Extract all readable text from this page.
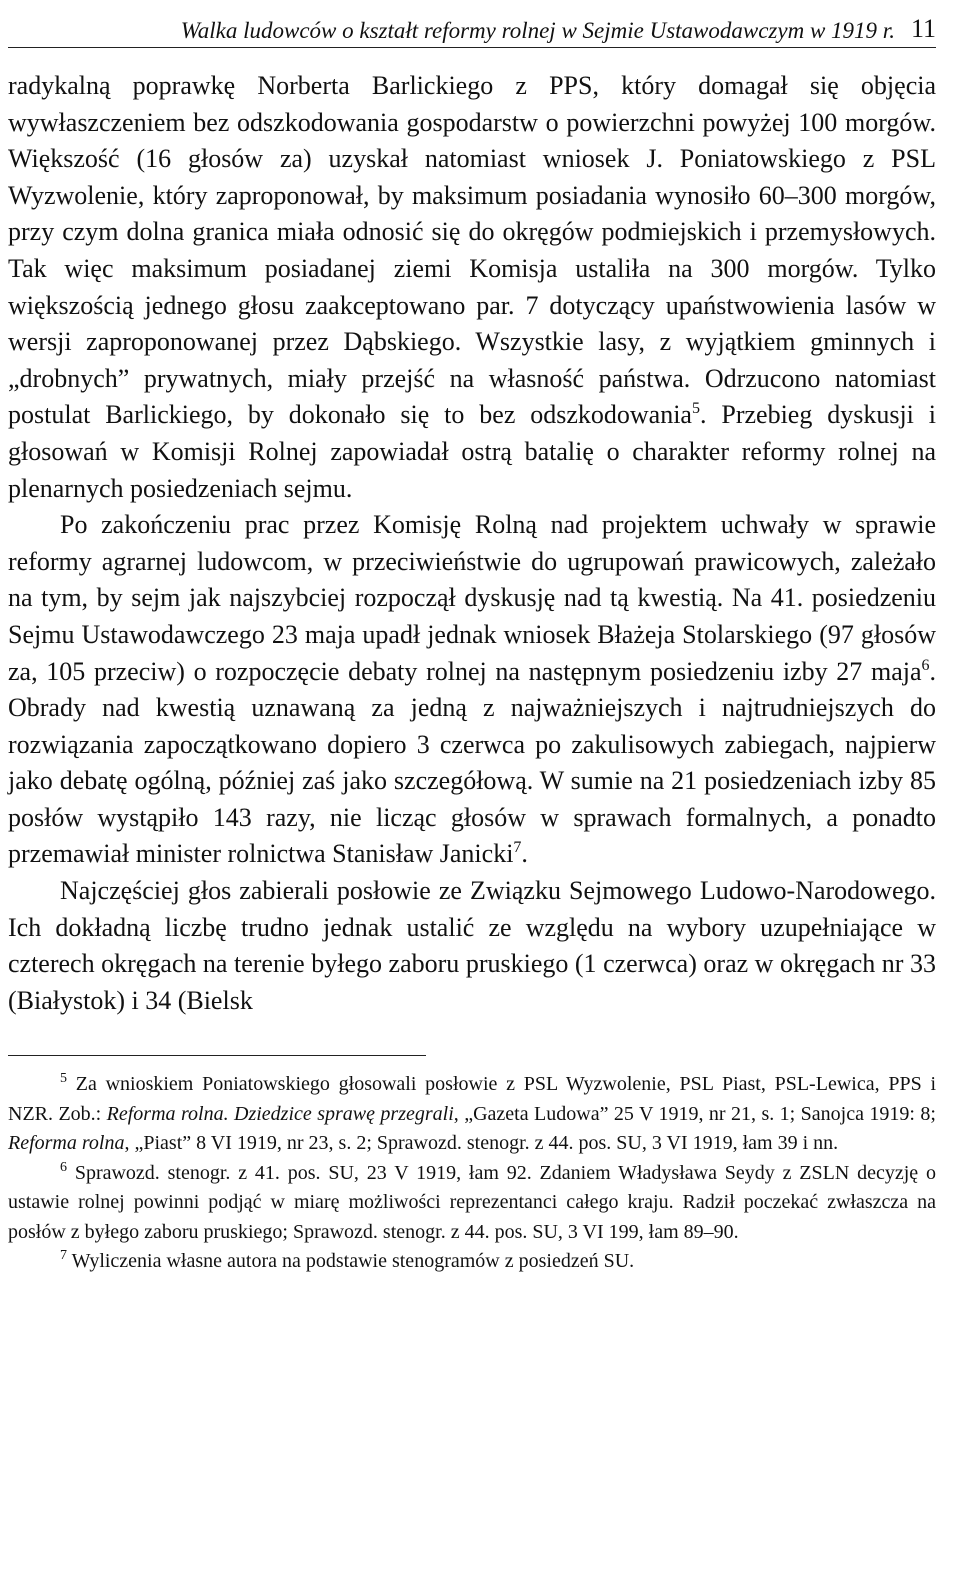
Walka ludowców o kształt reformy rolnej w Sejmie Ustawodawczym w 1919 r. 11

radykalną poprawkę Norberta Barlickiego z PPS, który domagał się objęcia wywłaszczeniem bez odszkodowania gospodarstw o powierzchni powyżej 100 morgów. Większość (16 głosów za) uzyskał natomiast wniosek J. Poniatowskiego z PSL Wyzwolenie, który zaproponował, by maksimum posiadania wynosiło 60–300 morgów, przy czym dolna granica miała odnosić się do okręgów podmiejskich i przemysłowych. Tak więc maksimum posiadanej ziemi Komisja ustaliła na 300 morgów. Tylko większością jednego głosu zaakceptowano par. 7 dotyczący upaństwowienia lasów w wersji zaproponowanej przez Dąbskiego. Wszystkie lasy, z wyjątkiem gminnych i „drobnych” prywatnych, miały przejść na własność państwa. Odrzucono natomiast postulat Barlickiego, by dokonało się to bez odszkodowania$^5$. Przebieg dyskusji i głosowań w Komisji Rolnej zapowiadał ostrą batalię o charakter reformy rolnej na plenarnych posiedzeniach sejmu.

Po zakończeniu prac przez Komisję Rolną nad projektem uchwały w sprawie reformy agrarnej ludowcom, w przeciwieństwie do ugrupowań prawicowych, zależało na tym, by sejm jak najszybciej rozpoczął dyskusję nad tą kwestią. Na 41. posiedzeniu Sejmu Ustawodawczego 23 maja upadł jednak wniosek Błażeja Stolarskiego (97 głosów za, 105 przeciw) o rozpoczęcie debaty rolnej na następnym posiedzeniu izby 27 maja$^6$. Obrady nad kwestią uznawaną za jedną z najważniejszych i najtrudniejszych do rozwiązania zapoczątkowano dopiero 3 czerwca po zakulisowych zabiegach, najpierw jako debatę ogólną, później zaś jako szczegółową. W sumie na 21 posiedzeniach izby 85 posłów wystąpiło 143 razy, nie licząc głosów w sprawach formalnych, a ponadto przemawiał minister rolnictwa Stanisław Janicki$^7$.

Najczęściej głos zabierali posłowie ze Związku Sejmowego Ludowo-Narodowego. Ich dokładną liczbę trudno jednak ustalić ze względu na wybory uzupełniające w czterech okręgach na terenie byłego zaboru pruskiego (1 czerwca) oraz w okręgach nr 33 (Białystok) i 34 (Bielsk

$^5$ Za wnioskiem Poniatowskiego głosowali posłowie z PSL Wyzwolenie, PSL Piast, PSL-Lewica, PPS i NZR. Zob.: Reforma rolna. Dziedzice sprawę przegrali, „Gazeta Ludowa” 25 V 1919, nr 21, s. 1; Sanojca 1919: 8; Reforma rolna, „Piast” 8 VI 1919, nr 23, s. 2; Sprawozd. stenogr. z 44. pos. SU, 3 VI 1919, łam 39 i nn.

$^6$ Sprawozd. stenogr. z 41. pos. SU, 23 V 1919, łam 92. Zdaniem Władysława Seydy z ZSLN decyzję o ustawie rolnej powinni podjąć w miarę możliwości reprezentanci całego kraju. Radził poczekać zwłaszcza na posłów z byłego zaboru pruskiego; Sprawozd. stenogr. z 44. pos. SU, 3 VI 199, łam 89–90.

$^7$ Wyliczenia własne autora na podstawie stenogramów z posiedzeń SU.
